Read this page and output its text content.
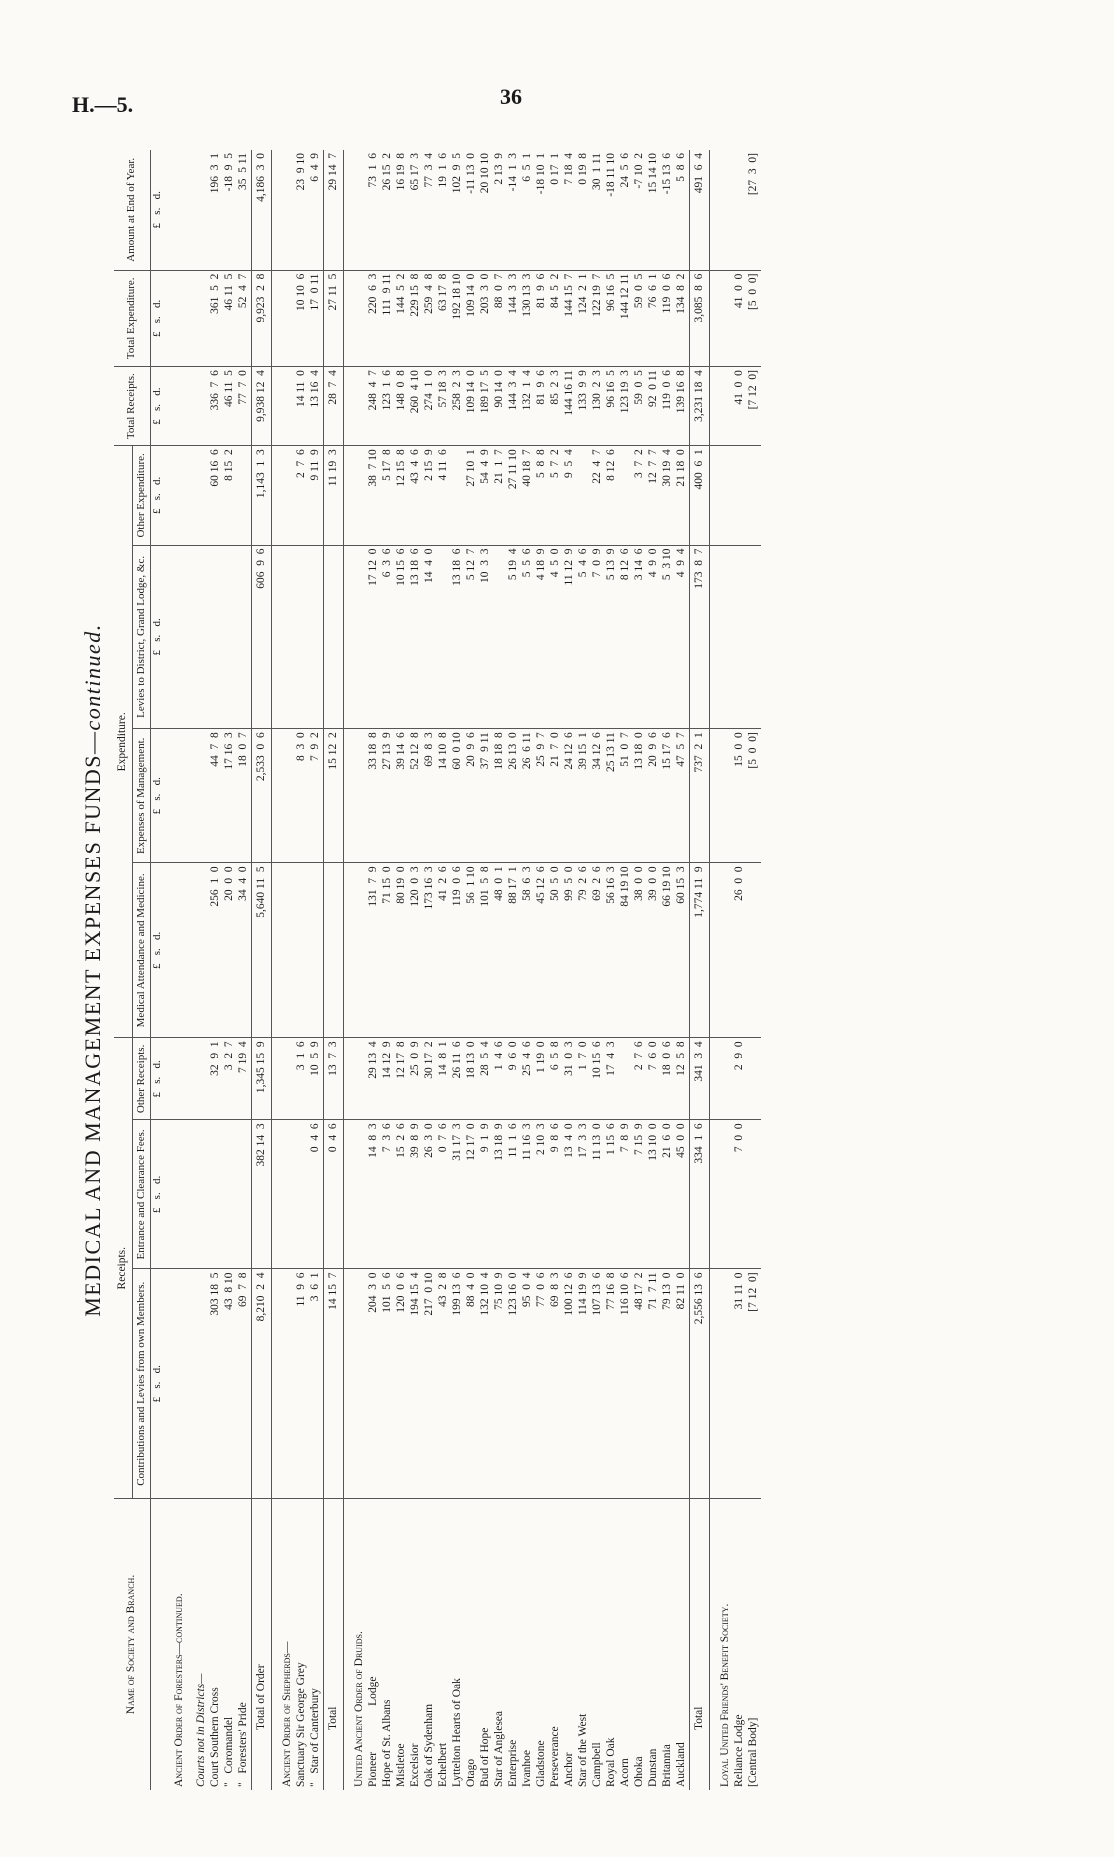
H.—5.	36
MEDICAL AND MANAGEMENT EXPENSES FUNDS—continued.
Name of Society and Branch.	Receipts.			Expenditure.				Total Receipts.	Total Expenditure.	Amount at End of Year.
	Contributions and Levies from own Members.	Entrance and Clearance Fees.	Other Receipts.	Medical Attendance and Medicine.	Expenses of Management.	Levies to District, Grand Lodge, &c.	Other Expenditure.			
	£   s.   d.	£   s.   d.	£   s.   d.	£   s.   d.	£   s.   d.	£   s.   d.	£   s.   d.	£   s.   d.	£   s.   d.	£   s.   d.
Ancient Order of Foresters—continued.										
Courts not in Districts—										
Court Southern Cross	303 18  5		32  9  1	256  1  0	44  7  8		60 16  6	336  7  6	361  5  2	196  3  1
"   Coromandel	43  8 10		3  2  7	20  0  0	17 16  3		8 15  2	46 11  5	46 11  5	-18  9  5
"   Foresters' Pride	69  7  8		7 19  4	34  4  0	18  0  7			77  7  0	52  4  7	35  5 11
Total of Order	8,210  2  4	382 14  3	1,345 15  9	5,640 11  5	2,533  0  6	606  9  6	1,143  1  3	9,938 12  4	9,923  2  8	4,186  3  0
Ancient Order of Shepherds—										
Sanctuary Sir George Grey	11  9  6		3  1  6		8  3  0		2  7  6	14 11  0	10 10  6	23  9 10
"   Star of Canterbury	3  6  1	0  4  6	10  5  9		7  9  2		9 11  9	13 16  4	17  0 11	6  4  9
Total	14 15  7	0  4  6	13  7  3		15 12  2		11 19  3	28  7  4	27 11  5	29 14  7
United Ancient Order of Druids.										
Pioneer                Lodge	204  3  0	14  8  3	29 13  4	131  7  9	33 18  8	17 12  0	38  7 10	248  4  7	220  6  3	73  1  6
Hope of St. Albans	101  5  6	7  3  6	14 12  9	71 15  0	27 13  9	6  3  6	5 17  8	123  1  6	111  9 11	26 15  2
Mistletoe	120  0  6	15  2  6	12 17  8	80 19  0	39 14  6	10 15  6	12 15  8	148  0  8	144  5  2	16 19  8
Excelsior	194 15  4	39  8  9	25  0  9	120  0  3	52 12  8	13 18  6	43  4  6	260  4 10	229 15  8	65 17  3
Oak of Sydenham	217  0 10	26  3  0	30 17  2	173 16  3	69  8  3	14  4  0	2 15  9	274  1  0	259  4  8	77  3  4
Echelbert	43  2  8	0  7  6	14  8  1	41  2  6	14 10  8		4 11  6	57 18  3	63 17  8	19  1  6
Lyttelton Hearts of Oak	199 13  6	31 17  3	26 11  6	119  0  6	60  0 10	13 18  6		258  2  3	192 18 10	102  9  5
Otago	88  4  0	12 17  0	18 13  0	56  1 10	20  9  6	5 12  7	27 10  1	109 14  0	109 14  0	-11 13  0
Bud of Hope	132 10  4	9  1  9	28  5  4	101  5  8	37  9 11	10  3  3	54  4  9	189 17  5	203  3  0	20 10 10
Star of Anglesea	75 10  9	13 18  9	1  4  6	48  0  1	18 18  8		21  1  7	90 14  0	88  0  7	2 13  9
Enterprise	123 16  0	11  1  6	9  6  0	88 17  1	26 13  0	5 19  4	27 11 10	144  3  4	144  3  3	-14  1  3
Ivanhoe	95  0  4	11 16  3	25  4  6	58  6  3	26  6 11	5  5  6	40 18  7	132  1  4	130 13  3	6  5  1
Gladstone	77  0  6	2 10  3	1 19  0	45 12  6	25  9  7	4 18  9	5  8  8	81  9  6	81  9  6	-18 10  1
Perseverance	69  8  3	9  8  6	6  5  8	50  5  0	21  7  0	4  5  0	5  7  2	85  2  3	84  5  2	0 17  1
Anchor	100 12  6	13  4  0	31  0  3	99  5  0	24 12  6	11 12  9	9  5  4	144 16 11	144 15  7	7 18  4
Star of the West	114 19  9	17  3  3	1  7  0	79  2  6	39 15  1	5  4  6		133  9  9	124  2  1	0 19  8
Campbell	107 13  6	11 13  0	10 15  6	69  2  6	34 12  6	7  0  9	22  4  7	130  2  3	122 19  7	30  1 11
Royal Oak	77 16  8	1 15  6	17  4  3	56 16  3	25 13 11	5 13  9	8 12  6	96 16  5	96 16  5	-18 11 10
Acorn	116 10  6	7  8  9		84 19 10	51  0  7	8 12  6		123 19  3	144 12 11	24  5  6
Ohoka	48 17  2	7 15  9	2  7  6	38  0  0	13 18  0	3 14  6	3  7  2	59  0  5	59  0  5	-7 10  2
Dunstan	71  7 11	13 10  0	7  6  0	39  0  0	20  9  6	4  9  0	12  7  7	92  0 11	76  6  1	15 14 10
Britannia	79 13  0	21  6  0	18  0  6	66 19 10	15 17  6	5  3 10	30 19  4	119  0  6	119  0  6	-15 13  6
Auckland	82 11  0	45  0  0	12  5  8	60 15  3	47  5  7	4  9  4	21 18  0	139 16  8	134  8  2	5  8  6
Total	2,556 13  6	334  1  6	341  3  4	1,774 11  9	737  2  1	173  8  7	400  6  1	3,231 18  4	3,085  8  6	491  6  4
Loyal United Friends' Benefit Society.										
Reliance Lodge	31 11  0	7  0  0	2  9  0	26  0  0	15  0  0			41  0  0	41  0  0	
[Central Body]	[7 12  0]				[5  0  0]			[7 12  0]	[5  0  0]	[27  3  0]
